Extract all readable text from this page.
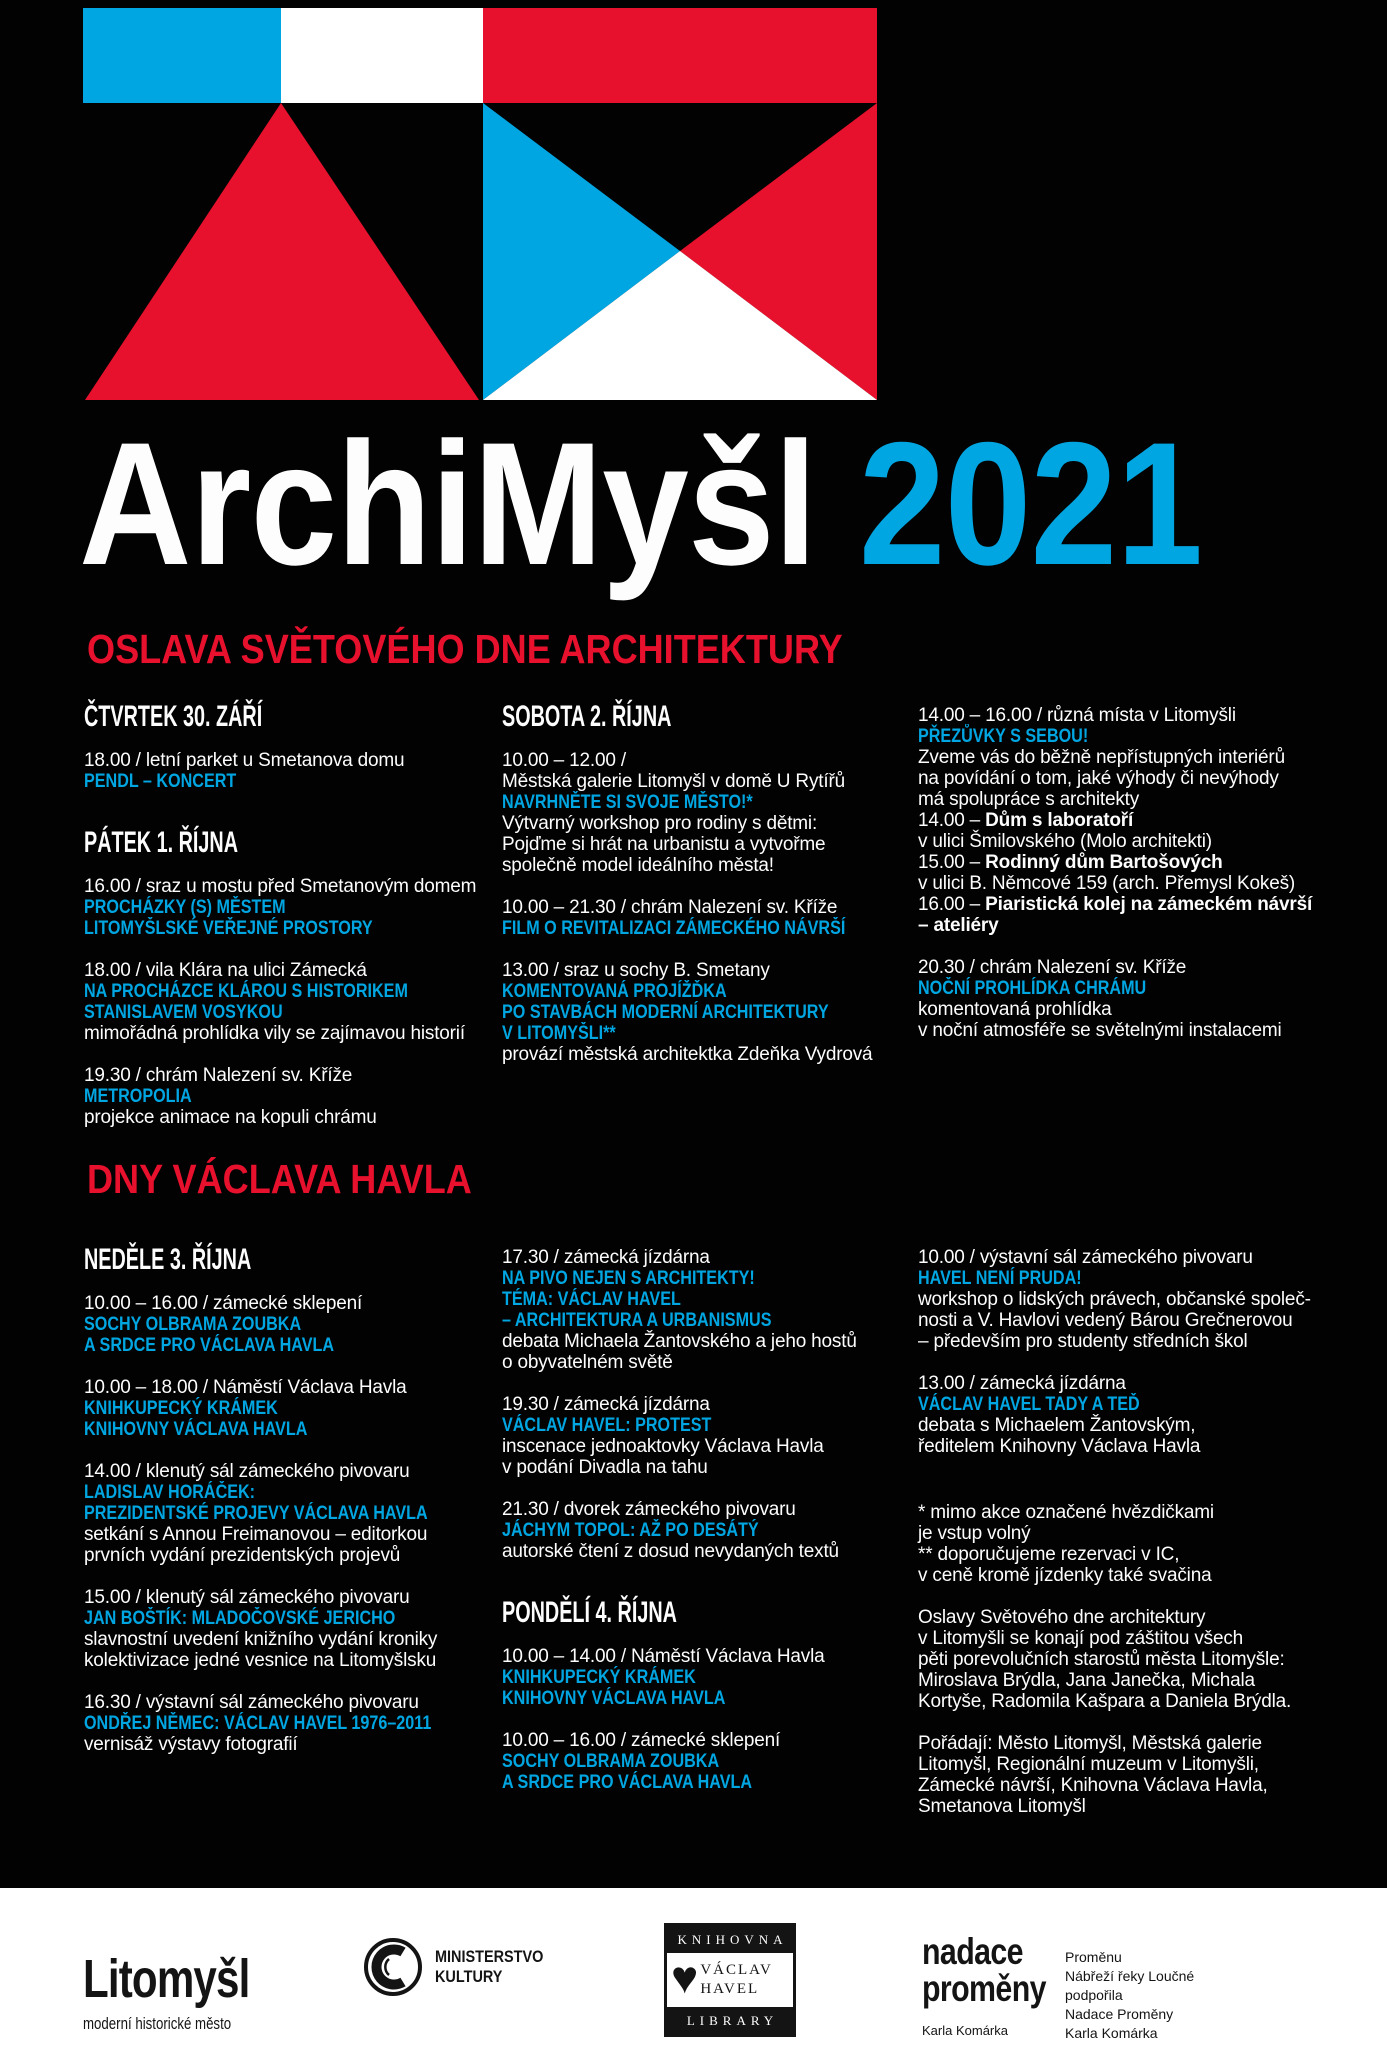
ArchiMyšl 2021
OSLAVA SVĚTOVÉHO DNE ARCHITEKTURY
DNY VÁCLAVA HAVLA
ČTVRTEK 30. ZÁŘÍ
18.00 / letní parket u Smetanova domu
PENDL – KONCERT
PÁTEK 1. ŘÍJNA
16.00 / sraz u mostu před Smetanovým domem
PROCHÁZKY (S) MĚSTEM
LITOMYŠLSKÉ VEŘEJNÉ PROSTORY
18.00 / vila Klára na ulici Zámecká
NA PROCHÁZCE KLÁROU S HISTORIKEM
STANISLAVEM VOSYKOU
mimořádná prohlídka vily se zajímavou historií
19.30 / chrám Nalezení sv. Kříže
METROPOLIA
projekce animace na kopuli chrámu
SOBOTA 2. ŘÍJNA
10.00 – 12.00 /
Městská galerie Litomyšl v domě U Rytířů
NAVRHNĚTE SI SVOJE MĚSTO!*
Výtvarný workshop pro rodiny s dětmi:
Pojďme si hrát na urbanistu a vytvořme
společně model ideálního města!
10.00 – 21.30 / chrám Nalezení sv. Kříže
FILM O REVITALIZACI ZÁMECKÉHO NÁVRŠÍ
13.00 / sraz u sochy B. Smetany
KOMENTOVANÁ PROJÍŽĎKA
PO STAVBÁCH MODERNÍ ARCHITEKTURY
V LITOMYŠLI**
provází městská architektka Zdeňka Vydrová
14.00 – 16.00 / různá místa v Litomyšli
PŘEZŮVKY S SEBOU!
Zveme vás do běžně nepřístupných interiérů
na povídání o tom, jaké výhody či nevýhody
má spolupráce s architekty
14.00 – Dům s laboratoří
v ulici Šmilovského (Molo architekti)
15.00 – Rodinný dům Bartošových
v ulici B. Němcové 159 (arch. Přemysl Kokeš)
16.00 – Piaristická kolej na zámeckém návrší
– ateliéry
20.30 / chrám Nalezení sv. Kříže
NOČNÍ PROHLÍDKA CHRÁMU
komentovaná prohlídka
v noční atmosféře se světelnými instalacemi
NEDĚLE 3. ŘÍJNA
10.00 – 16.00 / zámecké sklepení
SOCHY OLBRAMA ZOUBKA
A SRDCE PRO VÁCLAVA HAVLA
10.00 – 18.00 / Náměstí Václava Havla
KNIHKUPECKÝ KRÁMEK
KNIHOVNY VÁCLAVA HAVLA
14.00 / klenutý sál zámeckého pivovaru
LADISLAV HORÁČEK:
PREZIDENTSKÉ PROJEVY VÁCLAVA HAVLA
setkání s Annou Freimanovou – editorkou
prvních vydání prezidentských projevů
15.00 / klenutý sál zámeckého pivovaru
JAN BOŠTÍK: MLADOČOVSKÉ JERICHO
slavnostní uvedení knižního vydání kroniky
kolektivizace jedné vesnice na Litomyšlsku
16.30 / výstavní sál zámeckého pivovaru
ONDŘEJ NĚMEC: VÁCLAV HAVEL 1976–2011
vernisáž výstavy fotografií
17.30 / zámecká jízdárna
NA PIVO NEJEN S ARCHITEKTY!
TÉMA: VÁCLAV HAVEL
– ARCHITEKTURA A URBANISMUS
debata Michaela Žantovského a jeho hostů
o obyvatelném světě
19.30 / zámecká jízdárna
VÁCLAV HAVEL: PROTEST
inscenace jednoaktovky Václava Havla
v podání Divadla na tahu
21.30 / dvorek zámeckého pivovaru
JÁCHYM TOPOL: AŽ PO DESÁTÝ
autorské čtení z dosud nevydaných textů
PONDĚLÍ 4. ŘÍJNA
10.00 – 14.00 / Náměstí Václava Havla
KNIHKUPECKÝ KRÁMEK
KNIHOVNY VÁCLAVA HAVLA
10.00 – 16.00 / zámecké sklepení
SOCHY OLBRAMA ZOUBKA
A SRDCE PRO VÁCLAVA HAVLA
10.00 / výstavní sál zámeckého pivovaru
HAVEL NENÍ PRUDA!
workshop o lidských právech, občanské společ-
nosti a V. Havlovi vedený Bárou Grečnerovou
– především pro studenty středních škol
13.00 / zámecká jízdárna
VÁCLAV HAVEL TADY A TEĎ
debata s Michaelem Žantovským,
ředitelem Knihovny Václava Havla
* mimo akce označené hvězdičkami
je vstup volný
** doporučujeme rezervaci v IC,
v ceně kromě jízdenky také svačina
Oslavy Světového dne architektury
v Litomyšli se konají pod záštitou všech
pěti porevolučních starostů města Litomyšle:
Miroslava Brýdla, Jana Janečka, Michala
Kortyše, Radomila Kašpara a Daniela Brýdla.
Pořádají: Město Litomyšl, Městská galerie
Litomyšl, Regionální muzeum v Litomyšli,
Zámecké návrší, Knihovna Václava Havla,
Smetanova Litomyšl
Litomyšl
moderní historické město
MINISTERSTVO
KULTURY
KNIHOVNA
♥ VÁCLAV
HAVEL
LIBRARY
nadace
proměny
Karla Komárka
Proměnu
Nábřeží řeky Loučné
podpořila
Nadace Proměny
Karla Komárka
